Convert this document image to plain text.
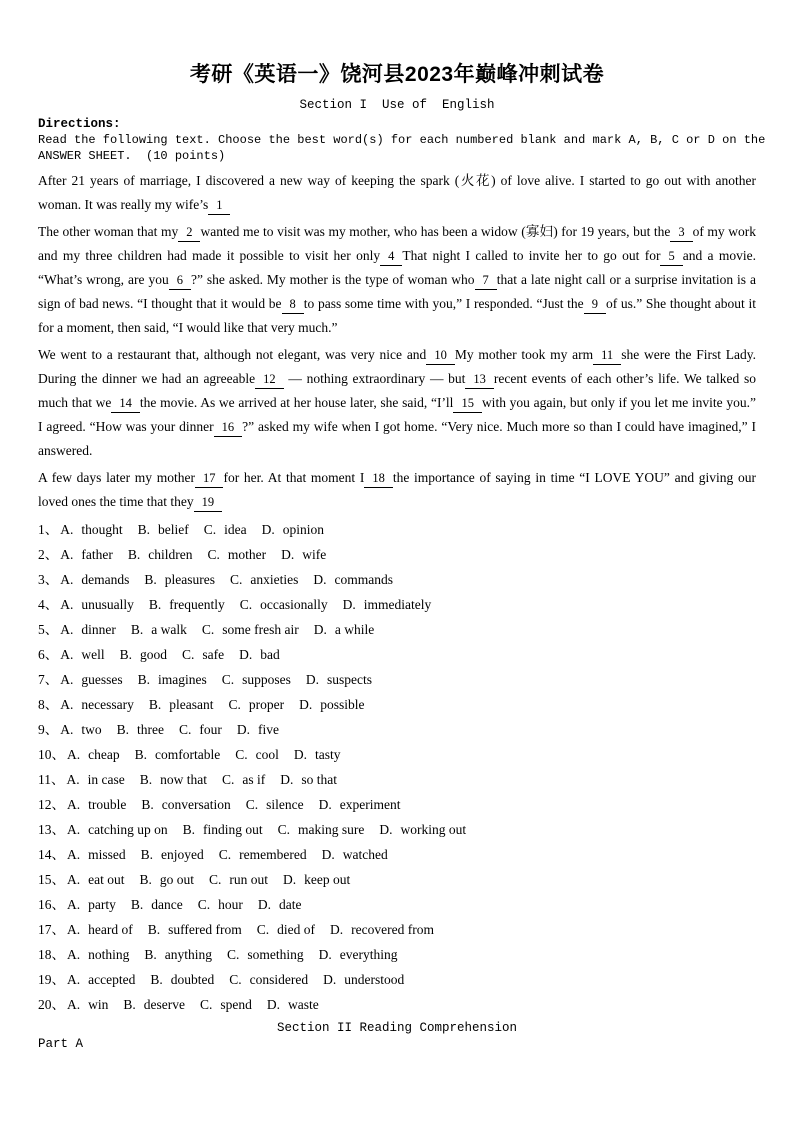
考研《英语一》饶河县2023年巅峰冲刺试卷
Section I  Use of  English
Directions:
Read the following text. Choose the best word(s) for each numbered blank and mark A, B, C or D on the
ANSWER SHEET.  (10 points)

After 21 years of marriage, I discovered a new way of keeping the spark (火花) of love alive. I started to go out with another woman. It was really my wife’s 1

The other woman that my 2 wanted me to visit was my mother, who has been a widow (寡妇) for 19 years, but the 3 of my work and my three children had made it possible to visit her only 4 That night I called to invite her to go out for 5 and a movie. “What’s wrong, are you 6 ?” she asked. My mother is the type of woman who 7 that a late night call or a surprise invitation is a sign of bad news. “I thought that it would be 8 to pass some time with you,” I responded. “Just the 9 of us.” She thought about it for a moment, then said, “I would like that very much.”

We went to a restaurant that, although not elegant, was very nice and 10 My mother took my arm 11 she were the First Lady. During the dinner we had an agreeable 12 — nothing extraordinary — but 13 recent events of each other’s life. We talked so much that we 14 the movie. As we arrived at her house later, she said, “I’ll 15 with you again, but only if you let me invite you.” I agreed. “How was your dinner 16 ?” asked my wife when I got home. “Very nice. Much more so than I could have imagined,” I answered.

A few days later my mother 17 for her. At that moment I 18 the importance of saying in time “I LOVE YOU” and giving our loved ones the time that they 19

1、 A. thought B. belief C. idea D. opinion
2、 A. father B. children C. mother D. wife
3、 A. demands B. pleasures C. anxieties D. commands
4、 A. unusually B. frequently C. occasionally D. immediately
5、 A. dinner B. a walk C. some fresh air D. a while
6、 A. well B. good C. safe D. bad
7、 A. guesses B. imagines C. supposes D. suspects
8、 A. necessary B. pleasant C. proper D. possible
9、 A. two B. three C. four D. five
10、 A. cheap B. comfortable C. cool D. tasty
11、 A. in case B. now that C. as if D. so that
12、 A. trouble B. conversation C. silence D. experiment
13、 A. catching up on B. finding out C. making sure D. working out
14、 A. missed B. enjoyed C. remembered D. watched
15、 A. eat out B. go out C. run out D. keep out
16、 A. party B. dance C. hour D. date
17、 A. heard of B. suffered from C. died of D. recovered from
18、 A. nothing B. anything C. something D. everything
19、 A. accepted B. doubted C. considered D. understood
20、 A. win B. deserve C. spend D. waste
Section II Reading Comprehension
Part A
